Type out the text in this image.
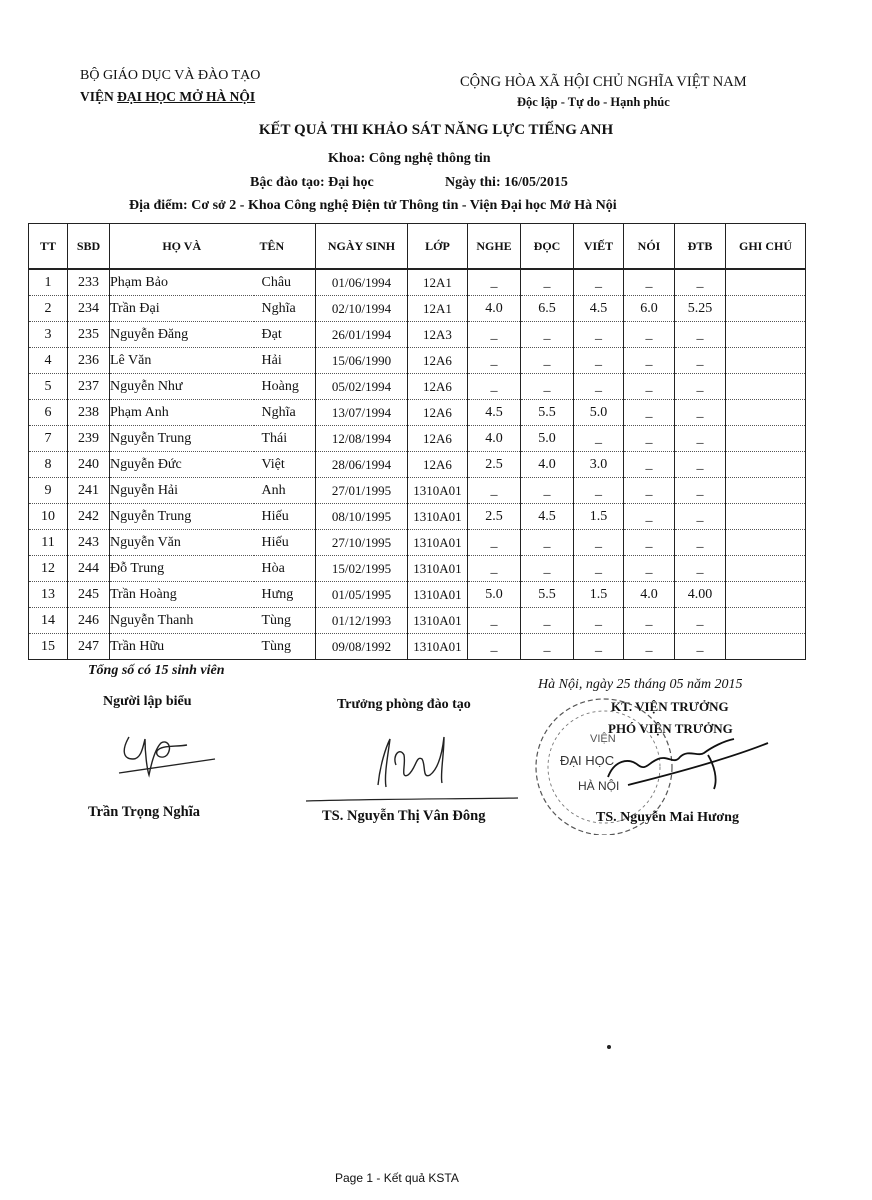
BỘ GIÁO DỤC VÀ ĐÀO TẠO
VIỆN ĐẠI HỌC MỞ HÀ NỘI
CỘNG HÒA XÃ HỘI CHỦ NGHĨA VIỆT NAM
Độc lập - Tự do - Hạnh phúc
KẾT QUẢ THI KHẢO SÁT NĂNG LỰC TIẾNG ANH
Khoa: Công nghệ thông tin
Bậc đào tạo: Đại học	Ngày thi: 16/05/2015
Địa điểm: Cơ sở 2 - Khoa Công nghệ Điện tử Thông tin - Viện Đại học Mở Hà Nội
TT	SBD	HỌ VÀ	TÊN	NGÀY SINH	LỚP	NGHE	ĐỌC	VIẾT	NÓI	ĐTB	GHI CHÚ
1	233	Phạm Bảo	Châu	01/06/1994	12A1	_	_	_	_	_	
2	234	Trần Đại	Nghĩa	02/10/1994	12A1	4.0	6.5	4.5	6.0	5.25	
3	235	Nguyễn Đăng	Đạt	26/01/1994	12A3	_	_	_	_	_	
4	236	Lê Văn	Hải	15/06/1990	12A6	_	_	_	_	_	
5	237	Nguyễn Như	Hoàng	05/02/1994	12A6	_	_	_	_	_	
6	238	Phạm Anh	Nghĩa	13/07/1994	12A6	4.5	5.5	5.0	_	_	
7	239	Nguyễn Trung	Thái	12/08/1994	12A6	4.0	5.0	_	_	_	
8	240	Nguyễn Đức	Việt	28/06/1994	12A6	2.5	4.0	3.0	_	_	
9	241	Nguyễn Hải	Anh	27/01/1995	1310A01	_	_	_	_	_	
10	242	Nguyễn Trung	Hiếu	08/10/1995	1310A01	2.5	4.5	1.5	_	_	
11	243	Nguyễn Văn	Hiếu	27/10/1995	1310A01	_	_	_	_	_	
12	244	Đỗ Trung	Hòa	15/02/1995	1310A01	_	_	_	_	_	
13	245	Trần Hoàng	Hưng	01/05/1995	1310A01	5.0	5.5	1.5	4.0	4.00	
14	246	Nguyễn Thanh	Tùng	01/12/1993	1310A01	_	_	_	_	_	
15	247	Trần Hữu	Tùng	09/08/1992	1310A01	_	_	_	_	_	
Tổng số có 15 sinh viên
Hà Nội, ngày 25 tháng 05 năm 2015
Người lập biểu	Trưởng phòng đào tạo	KT. VIỆN TRƯỞNG
PHÓ VIỆN TRƯỞNG
Trần Trọng Nghĩa	TS. Nguyễn Thị Vân Đông
VIỆN
ĐẠI HỌC
HÀ NỘI
TS. Nguyễn Mai Hương
Page 1 - Kết quả KSTA
